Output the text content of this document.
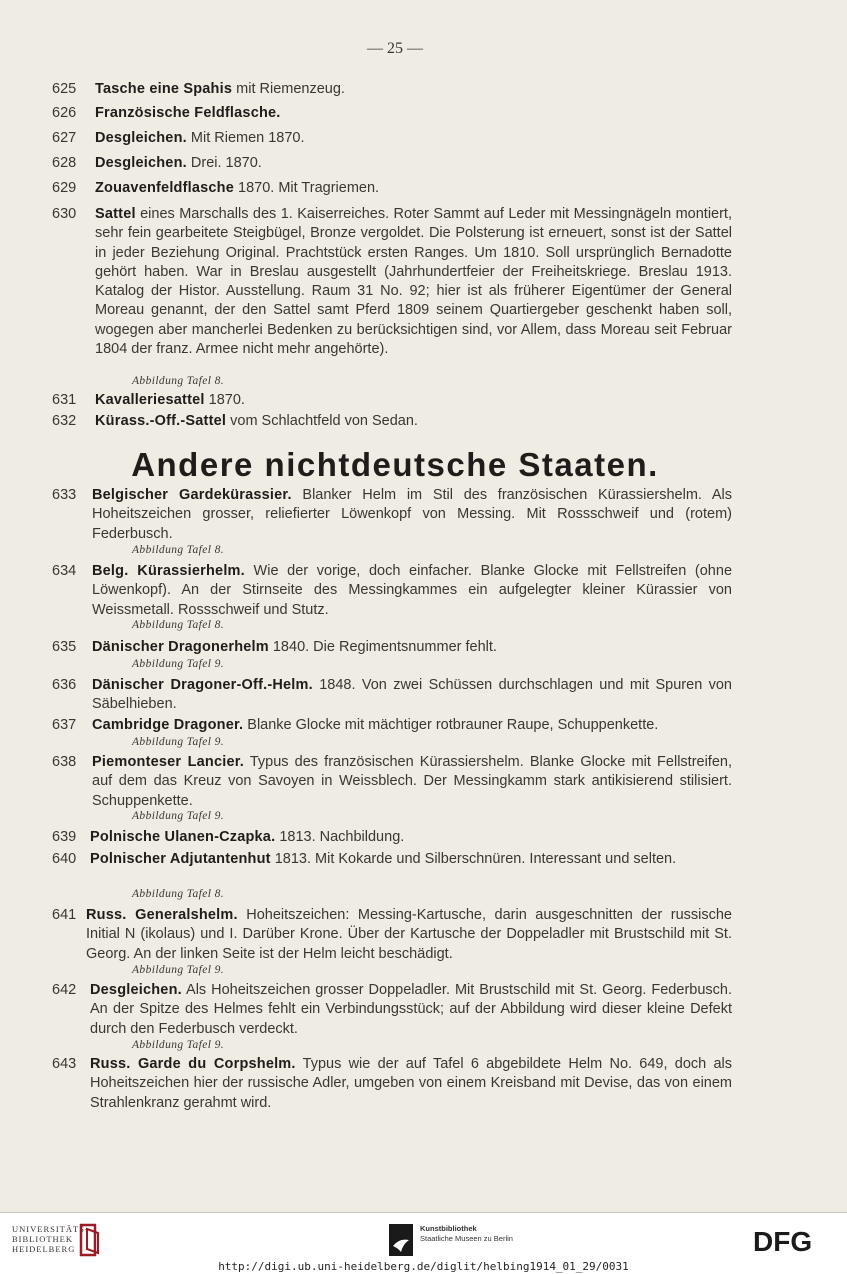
— 25 —
625 Tasche eine Spahis mit Riemenzeug.
626 Französische Feldflasche.
627 Desgleichen. Mit Riemen 1870.
628 Desgleichen. Drei. 1870.
629 Zouavenfeldflasche 1870. Mit Tragriemen.
630 Sattel eines Marschalls des 1. Kaiserreiches. Roter Sammt auf Leder mit Messingnägeln montiert, sehr fein gearbeitete Steigbügel, Bronze vergoldet. Die Polsterung ist erneuert, sonst ist der Sattel in jeder Beziehung Original. Prachtstück ersten Ranges. Um 1810. Soll ursprünglich Bernadotte gehört haben. War in Breslau ausgestellt (Jahrhundertfeier der Freiheitskriege. Breslau 1913. Katalog der Histor. Ausstellung. Raum 31 No. 92; hier ist als früherer Eigentümer der General Moreau genannt, der den Sattel samt Pferd 1809 seinem Quartiergeber geschenkt haben soll, wogegen aber mancherlei Bedenken zu berücksichtigen sind, vor Allem, dass Moreau seit Februar 1804 der franz. Armee nicht mehr angehörte).
Abbildung Tafel 8.
631 Kavalleriesattel 1870.
632 Kürass.-Off.-Sattel vom Schlachtfeld von Sedan.
Andere nichtdeutsche Staaten.
633 Belgischer Gardekürassier. Blanker Helm im Stil des französischen Kürassiershelm. Als Hoheitszeichen grosser, reliefierter Löwenkopf von Messing. Mit Rossschweif und (rotem) Federbusch.
Abbildung Tafel 8.
634 Belg. Kürassierhelm. Wie der vorige, doch einfacher. Blanke Glocke mit Fellstreifen (ohne Löwenkopf). An der Stirnseite des Messingkammes ein aufgelegter kleiner Kürassier von Weissmetall. Rossschweif und Stutz.
Abbildung Tafel 8.
635 Dänischer Dragonerhelm 1840. Die Regimentsnummer fehlt.
Abbildung Tafel 9.
636 Dänischer Dragoner-Off.-Helm. 1848. Von zwei Schüssen durchschlagen und mit Spuren von Säbelhieben.
637 Cambridge Dragoner. Blanke Glocke mit mächtiger rotbrauner Raupe, Schuppenkette.
Abbildung Tafel 9.
638 Piemonteser Lancier. Typus des französischen Kürassiershelm. Blanke Glocke mit Fellstreifen, auf dem das Kreuz von Savoyen in Weissblech. Der Messingkamm stark antikisierend stilisiert. Schuppenkette.
Abbildung Tafel 9.
639 Polnische Ulanen-Czapka. 1813. Nachbildung.
640 Polnischer Adjutantenhut 1813. Mit Kokarde und Silberschnüren. Interessant und selten.
Abbildung Tafel 8.
641 Russ. Generalshelm. Hoheitszeichen: Messing-Kartusche, darin ausgeschnitten der russische Initial N (ikolaus) und I. Darüber Krone. Über der Kartusche der Doppeladler mit Brustschild mit St. Georg. An der linken Seite ist der Helm leicht beschädigt.
Abbildung Tafel 9.
642 Desgleichen. Als Hoheitszeichen grosser Doppeladler. Mit Brustschild mit St. Georg. Federbusch. An der Spitze des Helmes fehlt ein Verbindungsstück; auf der Abbildung wird dieser kleine Defekt durch den Federbusch verdeckt.
Abbildung Tafel 9.
643 Russ. Garde du Corpshelm. Typus wie der auf Tafel 6 abgebildete Helm No. 649, doch als Hoheitszeichen hier der russische Adler, umgeben von einem Kreisband mit Devise, das von einem Strahlenkranz gerahmt wird.
UNIVERSITÄTS-
BIBLIOTHEK
HEIDELBERG
Kunstbibliothek
Staatliche Museen zu Berlin	DFG
http://digi.ub.uni-heidelberg.de/diglit/helbing1914_01_29/0031
